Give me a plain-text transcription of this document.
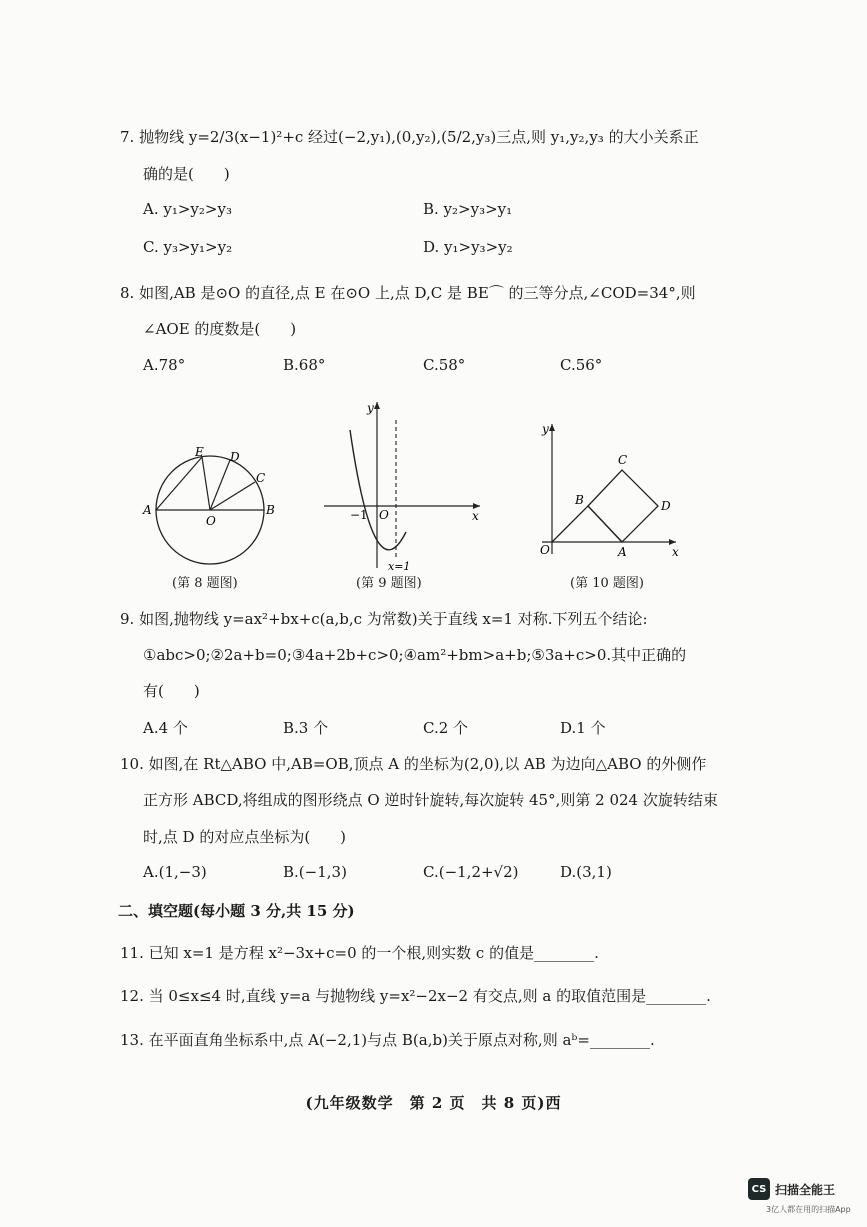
7. 抛物线 y=2/3(x−1)²+c 经过(−2,y₁),(0,y₂),(5/2,y₃)三点,则 y₁,y₂,y₃ 的大小关系正
确的是(　　)
A. y₁>y₂>y₃	B. y₂>y₃>y₁
C. y₃>y₁>y₂	D. y₁>y₃>y₂
8. 如图,AB 是⊙O 的直径,点 E 在⊙O 上,点 D,C 是 BE⌒ 的三等分点,∠COD=34°,则
∠AOE 的度数是(　　)
A.78°	B.68°	C.58°	C.56°
A	B
O
E D
C
(第 8 题图)
y
x
−1 O
x=1
(第 9 题图)
y
x
O	A
B
C
D
(第 10 题图)
9. 如图,抛物线 y=ax²+bx+c(a,b,c 为常数)关于直线 x=1 对称.下列五个结论:
①abc>0;②2a+b=0;③4a+2b+c>0;④am²+bm>a+b;⑤3a+c>0.其中正确的
有(　　)
A.4 个	B.3 个	C.2 个	D.1 个
10. 如图,在 Rt△ABO 中,AB=OB,顶点 A 的坐标为(2,0),以 AB 为边向△ABO 的外侧作
正方形 ABCD,将组成的图形绕点 O 逆时针旋转,每次旋转 45°,则第 2 024 次旋转结束
时,点 D 的对应点坐标为(　　)
A.(1,−3)	B.(−1,3)	C.(−1,2+√2)	D.(3,1)
二、填空题(每小题 3 分,共 15 分)
11. 已知 x=1 是方程 x²−3x+c=0 的一个根,则实数 c 的值是________.
12. 当 0≤x≤4 时,直线 y=a 与抛物线 y=x²−2x−2 有交点,则 a 的取值范围是________.
13. 在平面直角坐标系中,点 A(−2,1)与点 B(a,b)关于原点对称,则 aᵇ=________.
(九年级数学　第 2 页　共 8 页)西
CS 扫描全能王
3亿人都在用的扫描App
